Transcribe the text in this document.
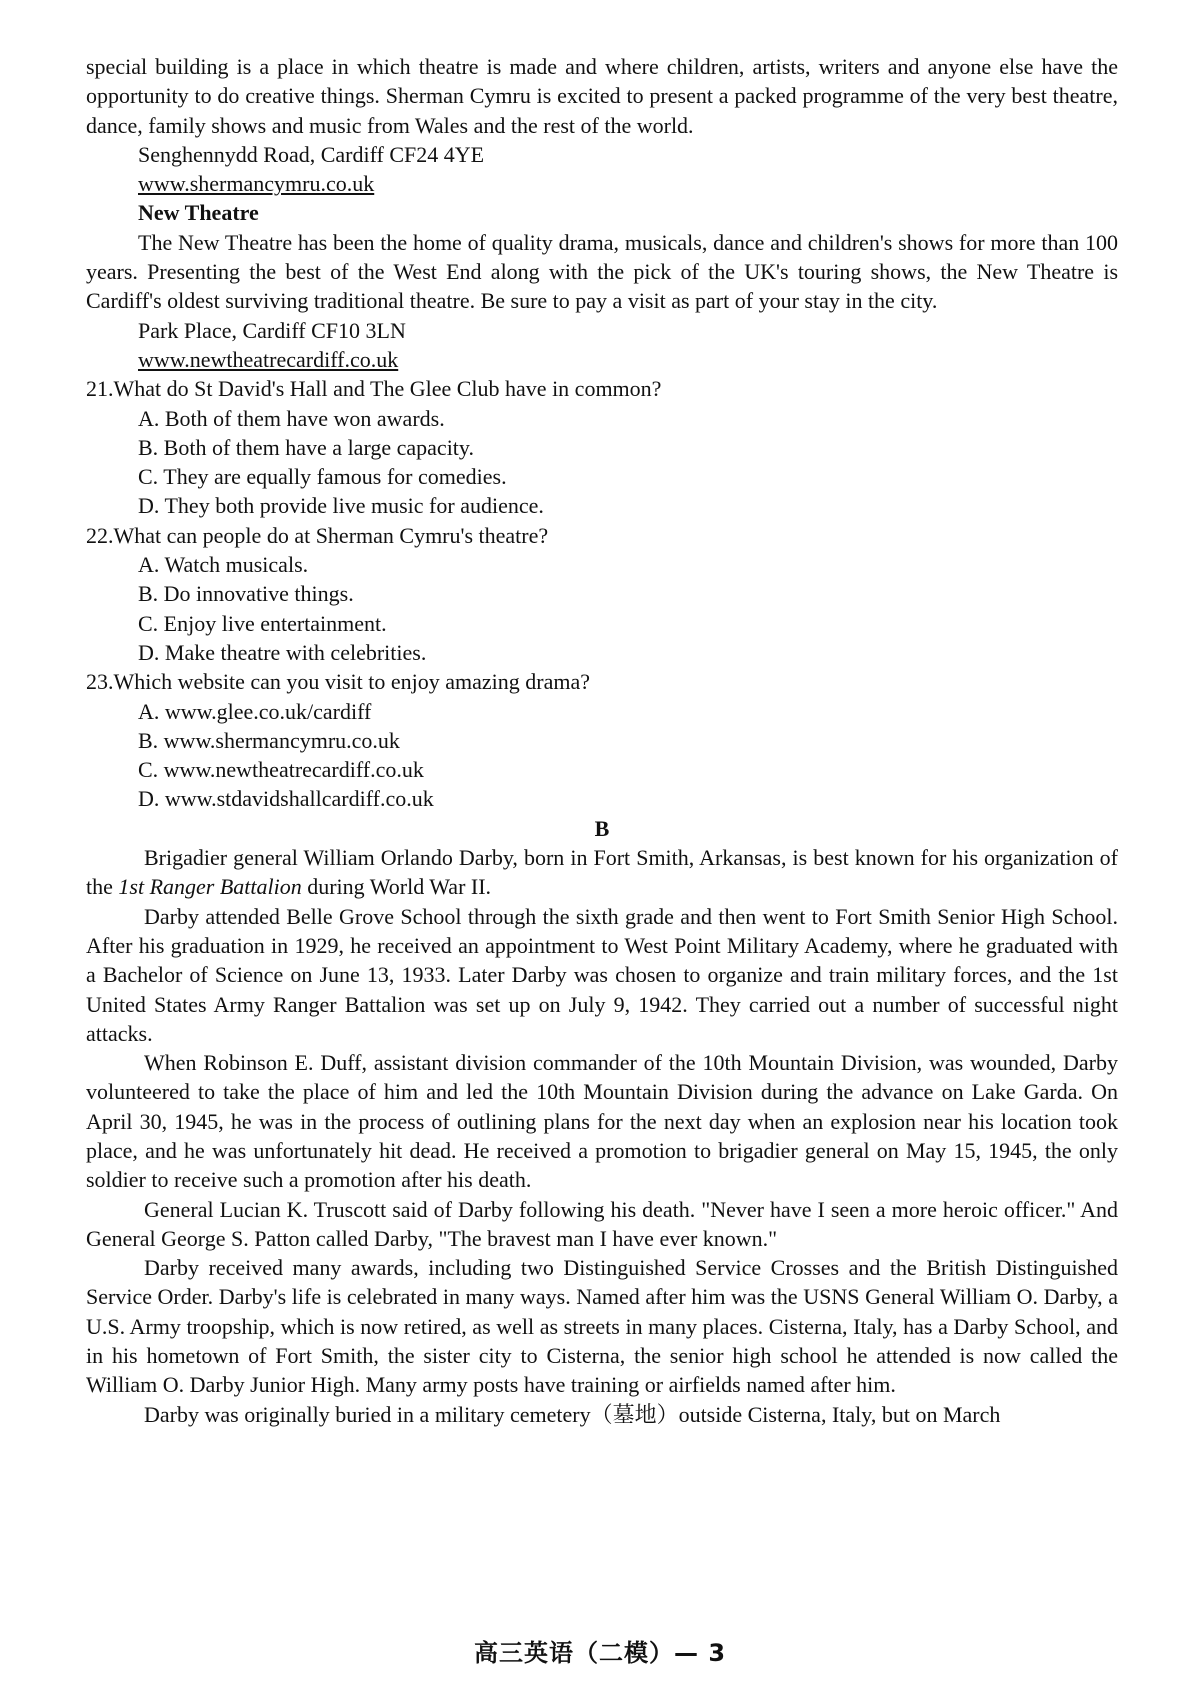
special building is a place in which theatre is made and where children, artists, writers and anyone else have the opportunity to do creative things. Sherman Cymru is excited to present a packed programme of the very best theatre, dance, family shows and music from Wales and the rest of the world.

Senghennydd Road, Cardiff CF24 4YE

www.shermancymru.co.uk

New Theatre

The New Theatre has been the home of quality drama, musicals, dance and children's shows for more than 100 years. Presenting the best of the West End along with the pick of the UK's touring shows, the New Theatre is Cardiff's oldest surviving traditional theatre. Be sure to pay a visit as part of your stay in the city.

Park Place, Cardiff CF10 3LN

www.newtheatrecardiff.co.uk

21.What do St David's Hall and The Glee Club have in common?

A. Both of them have won awards.

B. Both of them have a large capacity.

C. They are equally famous for comedies.

D. They both provide live music for audience.

22.What can people do at Sherman Cymru's theatre?

A. Watch musicals.

B. Do innovative things.

C. Enjoy live entertainment.

D. Make theatre with celebrities.

23.Which website can you visit to enjoy amazing drama?

A. www.glee.co.uk/cardiff

B. www.shermancymru.co.uk

C. www.newtheatrecardiff.co.uk

D. www.stdavidshallcardiff.co.uk

B

Brigadier general William Orlando Darby, born in Fort Smith, Arkansas, is best known for his organization of the 1st Ranger Battalion during World War II.

Darby attended Belle Grove School through the sixth grade and then went to Fort Smith Senior High School. After his graduation in 1929, he received an appointment to West Point Military Academy, where he graduated with a Bachelor of Science on June 13, 1933. Later Darby was chosen to organize and train military forces, and the 1st United States Army Ranger Battalion was set up on July 9, 1942. They carried out a number of successful night attacks.

When Robinson E. Duff, assistant division commander of the 10th Mountain Division, was wounded, Darby volunteered to take the place of him and led the 10th Mountain Division during the advance on Lake Garda. On April 30, 1945, he was in the process of outlining plans for the next day when an explosion near his location took place, and he was unfortunately hit dead. He received a promotion to brigadier general on May 15, 1945, the only soldier to receive such a promotion after his death.

General Lucian K. Truscott said of Darby following his death. "Never have I seen a more heroic officer." And General George S. Patton called Darby, "The bravest man I have ever known."

Darby received many awards, including two Distinguished Service Crosses and the British Distinguished Service Order. Darby's life is celebrated in many ways. Named after him was the USNS General William O. Darby, a U.S. Army troopship, which is now retired, as well as streets in many places. Cisterna, Italy, has a Darby School, and in his hometown of Fort Smith, the sister city to Cisterna, the senior high school he attended is now called the William O. Darby Junior High. Many army posts have training or airfields named after him.

Darby was originally buried in a military cemetery（墓地）outside Cisterna, Italy, but on March

高三英语（二模）— 3
